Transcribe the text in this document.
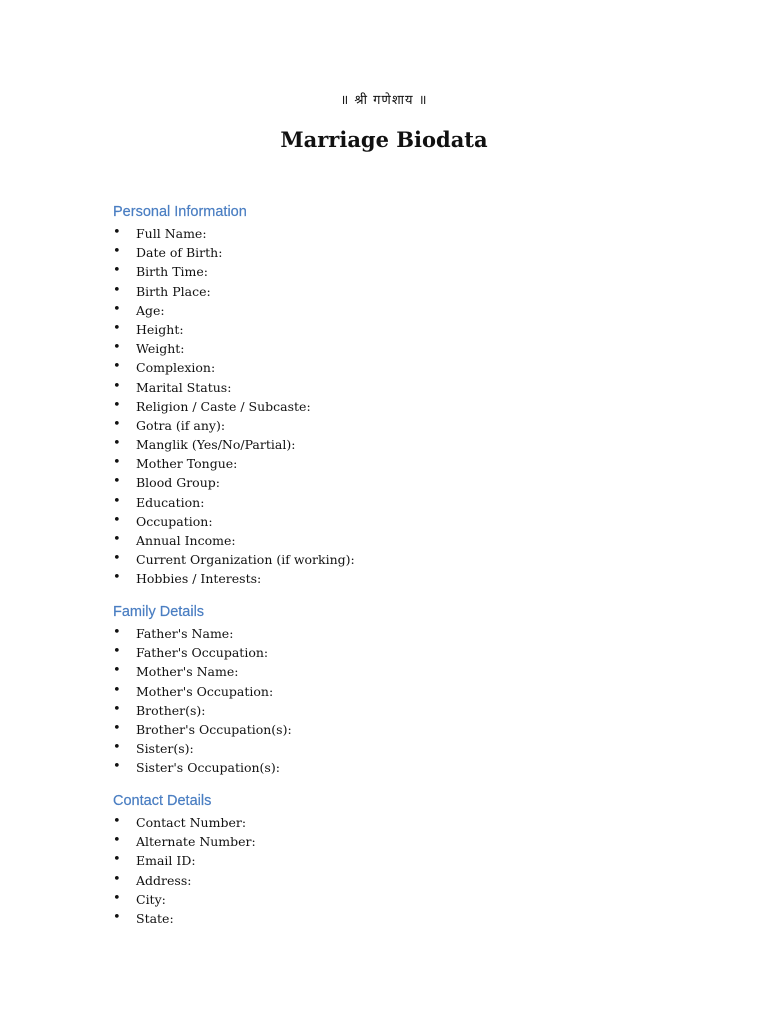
॥ श्री गणेशाय ॥
Marriage Biodata
Personal Information
• Full Name:
• Date of Birth:
• Birth Time:
• Birth Place:
• Age:
• Height:
• Weight:
• Complexion:
• Marital Status:
• Religion / Caste / Subcaste:
• Gotra (if any):
• Manglik (Yes/No/Partial):
• Mother Tongue:
• Blood Group:
• Education:
• Occupation:
• Annual Income:
• Current Organization (if working):
• Hobbies / Interests:
Family Details
• Father's Name:
• Father's Occupation:
• Mother's Name:
• Mother's Occupation:
• Brother(s):
• Brother's Occupation(s):
• Sister(s):
• Sister's Occupation(s):
Contact Details
• Contact Number:
• Alternate Number:
• Email ID:
• Address:
• City:
• State:
